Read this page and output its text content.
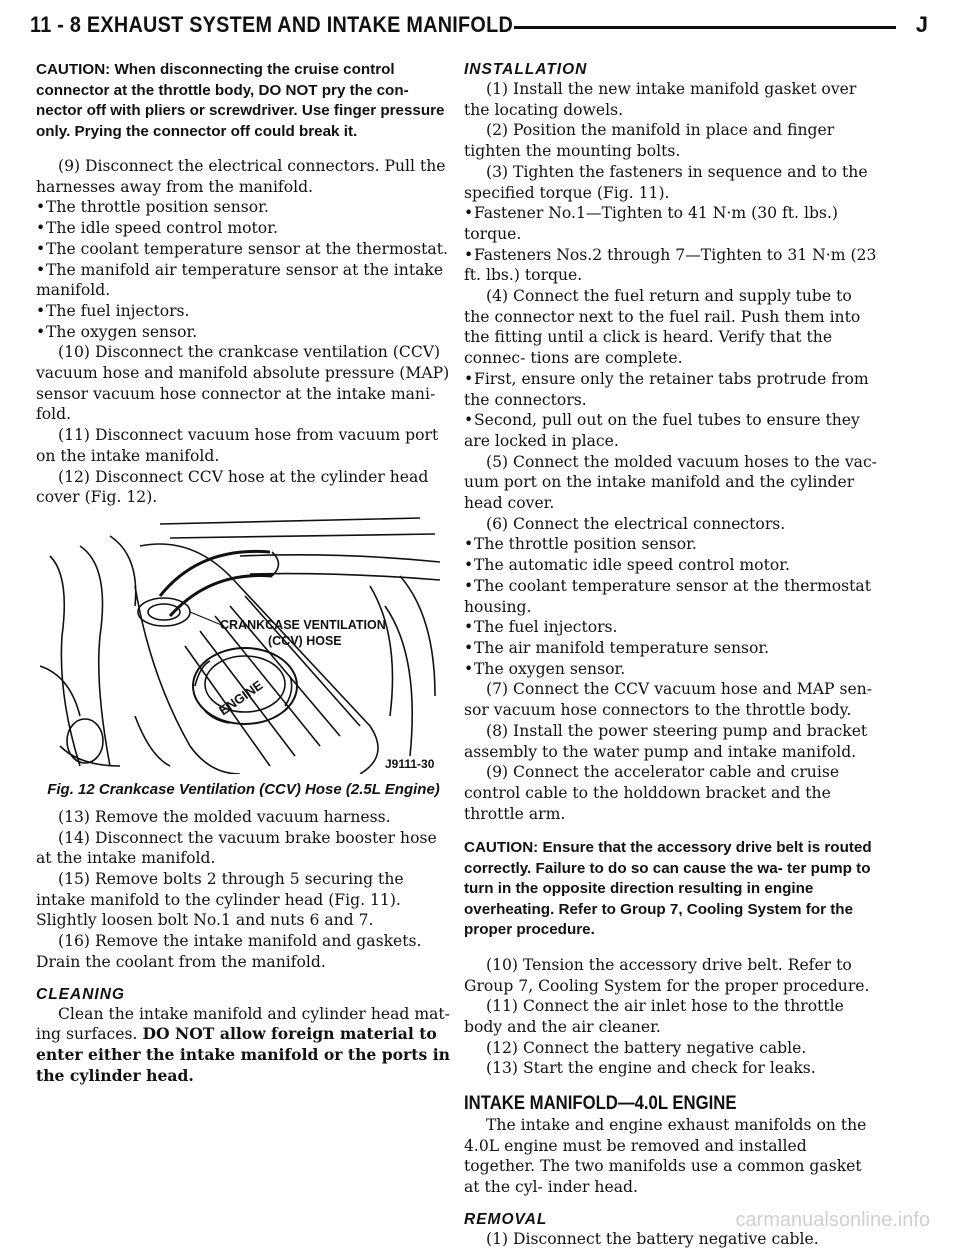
11 - 8 EXHAUST SYSTEM AND INTAKE MANIFOLD	J

CAUTION: When disconnecting the cruise control connector at the throttle body, DO NOT pry the con- nector off with pliers or screwdriver. Use finger pressure only. Prying the connector off could break it.

(9) Disconnect the electrical connectors. Pull the harnesses away from the manifold.

•The throttle position sensor.

•The idle speed control motor.

•The coolant temperature sensor at the thermostat.

•The manifold air temperature sensor at the intake manifold.

•The fuel injectors.

•The oxygen sensor.

(10) Disconnect the crankcase ventilation (CCV) vacuum hose and manifold absolute pressure (MAP) sensor vacuum hose connector at the intake mani- fold.

(11) Disconnect vacuum hose from vacuum port on the intake manifold.

(12) Disconnect CCV hose at the cylinder head cover (Fig. 12).

CRANKCASE VENTILATION
(CCV) HOSE
ENGINE
J9111-30

Fig. 12 Crankcase Ventilation (CCV) Hose (2.5L Engine)

(13) Remove the molded vacuum harness.

(14) Disconnect the vacuum brake booster hose at the intake manifold.

(15) Remove bolts 2 through 5 securing the intake manifold to the cylinder head (Fig. 11). Slightly loosen bolt No.1 and nuts 6 and 7.

(16) Remove the intake manifold and gaskets. Drain the coolant from the manifold.

CLEANING

Clean the intake manifold and cylinder head mat- ing surfaces. DO NOT allow foreign material to enter either the intake manifold or the ports in the cylinder head.

INSTALLATION

(1) Install the new intake manifold gasket over the locating dowels.

(2) Position the manifold in place and finger tighten the mounting bolts.

(3) Tighten the fasteners in sequence and to the specified torque (Fig. 11).

•Fastener No.1—Tighten to 41 N·m (30 ft. lbs.) torque.

•Fasteners Nos.2 through 7—Tighten to 31 N·m (23 ft. lbs.) torque.

(4) Connect the fuel return and supply tube to the connector next to the fuel rail. Push them into the fitting until a click is heard. Verify that the connec- tions are complete.

•First, ensure only the retainer tabs protrude from the connectors.

•Second, pull out on the fuel tubes to ensure they are locked in place.

(5) Connect the molded vacuum hoses to the vac- uum port on the intake manifold and the cylinder head cover.

(6) Connect the electrical connectors.

•The throttle position sensor.

•The automatic idle speed control motor.

•The coolant temperature sensor at the thermostat housing.

•The fuel injectors.

•The air manifold temperature sensor.

•The oxygen sensor.

(7) Connect the CCV vacuum hose and MAP sen- sor vacuum hose connectors to the throttle body.

(8) Install the power steering pump and bracket assembly to the water pump and intake manifold.

(9) Connect the accelerator cable and cruise control cable to the holddown bracket and the throttle arm.

CAUTION: Ensure that the accessory drive belt is routed correctly. Failure to do so can cause the wa- ter pump to turn in the opposite direction resulting in engine overheating. Refer to Group 7, Cooling System for the proper procedure.

(10) Tension the accessory drive belt. Refer to Group 7, Cooling System for the proper procedure.

(11) Connect the air inlet hose to the throttle body and the air cleaner.

(12) Connect the battery negative cable.

(13) Start the engine and check for leaks.

INTAKE MANIFOLD—4.0L ENGINE

The intake and engine exhaust manifolds on the 4.0L engine must be removed and installed together. The two manifolds use a common gasket at the cyl- inder head.

REMOVAL

(1) Disconnect the battery negative cable.

carmanualsonline.info
